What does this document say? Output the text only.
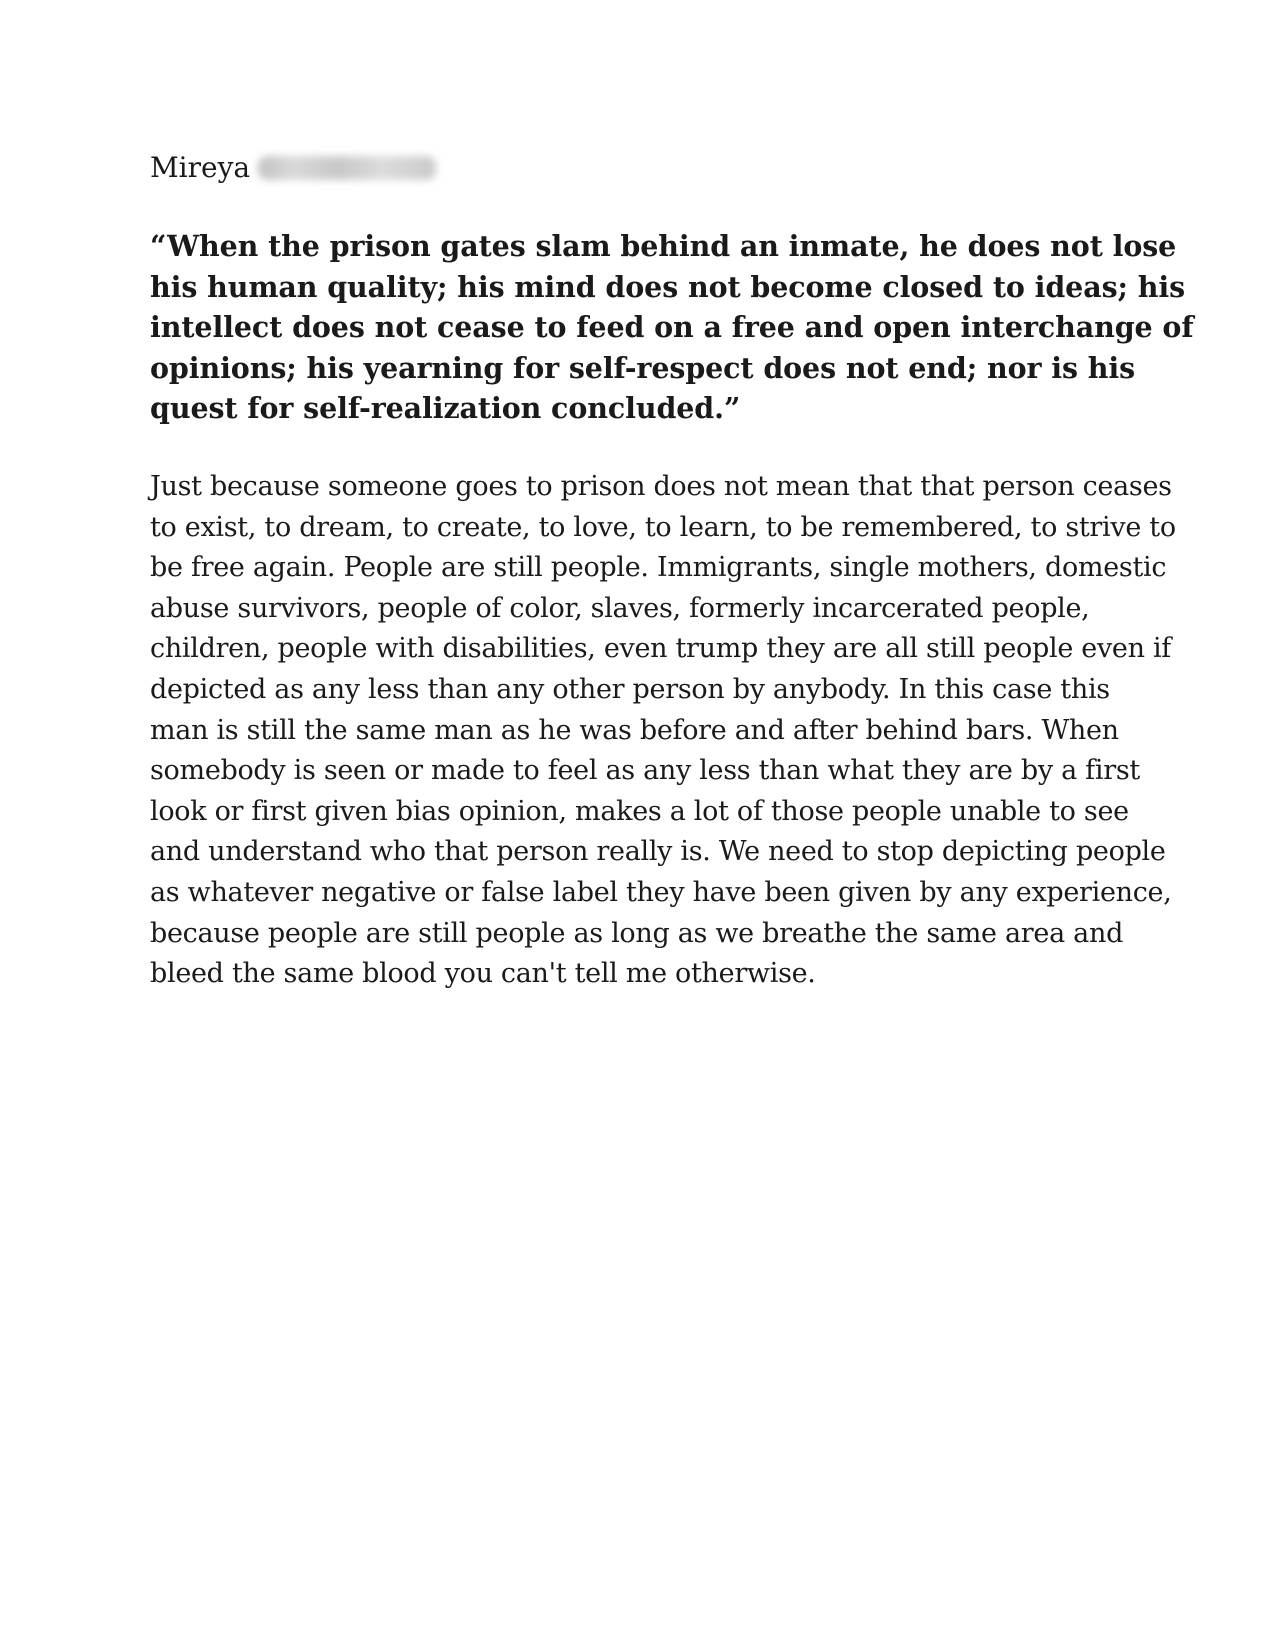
Mireya
“When the prison gates slam behind an inmate, he does not lose
his human quality; his mind does not become closed to ideas; his
intellect does not cease to feed on a free and open interchange of
opinions; his yearning for self-respect does not end; nor is his
quest for self-realization concluded.”
Just because someone goes to prison does not mean that that person ceases
to exist, to dream, to create, to love, to learn, to be remembered, to strive to
be free again. People are still people. Immigrants, single mothers, domestic
abuse survivors, people of color, slaves, formerly incarcerated people,
children, people with disabilities, even trump they are all still people even if
depicted as any less than any other person by anybody. In this case this
man is still the same man as he was before and after behind bars. When
somebody is seen or made to feel as any less than what they are by a first
look or first given bias opinion, makes a lot of those people unable to see
and understand who that person really is. We need to stop depicting people
as whatever negative or false label they have been given by any experience,
because people are still people as long as we breathe the same area and
bleed the same blood you can't tell me otherwise.
